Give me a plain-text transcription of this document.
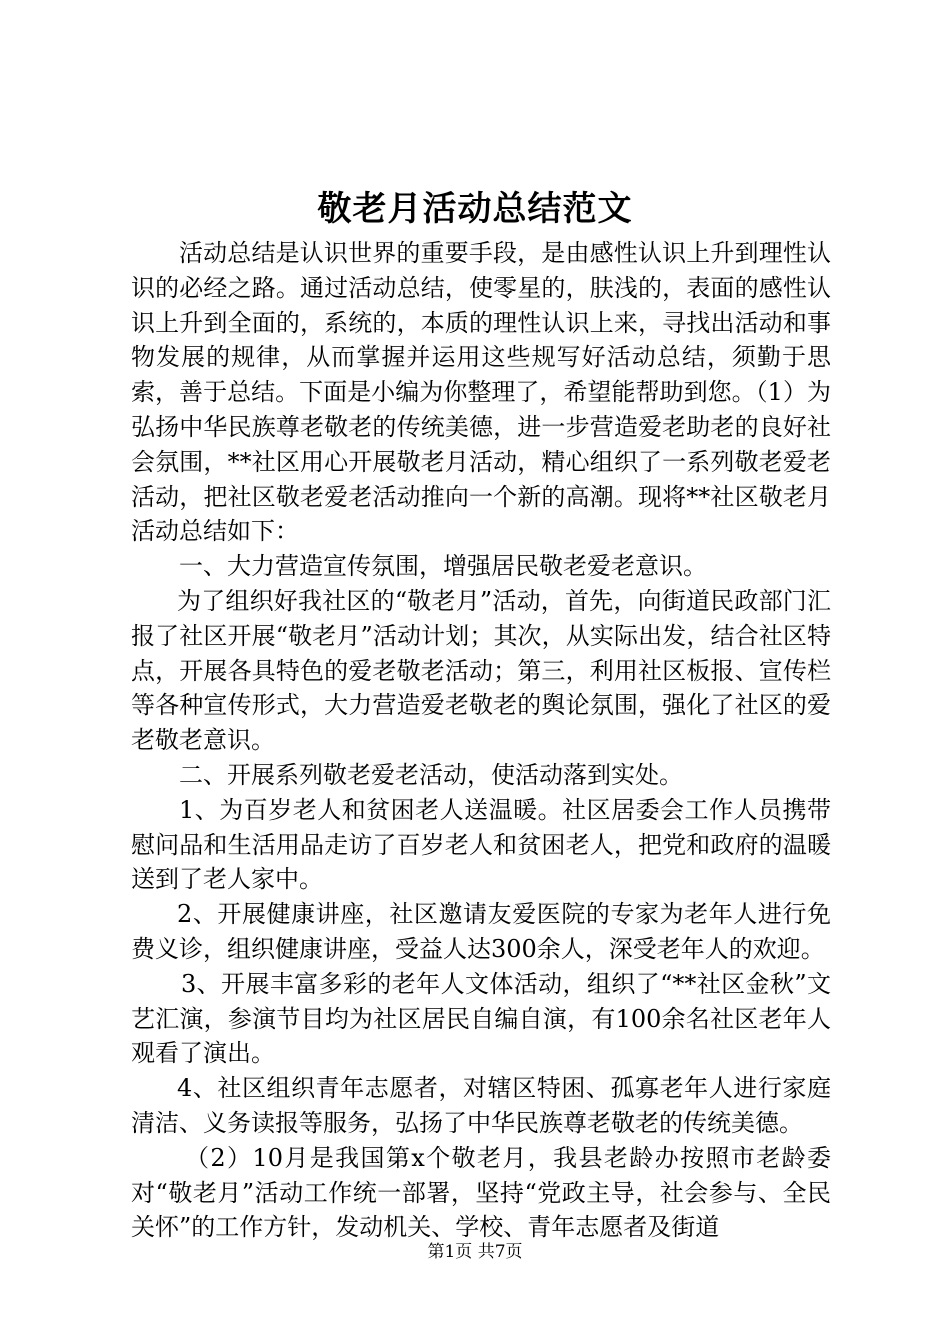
敬老月活动总结范文

活动总结是认识世界的重要手段，是由感性认识上升到理性认识的必经之路。通过活动总结，使零星的，肤浅的，表面的感性认识上升到全面的，系统的，本质的理性认识上来，寻找出活动和事物发展的规律，从而掌握并运用这些规写好活动总结，须勤于思索，善于总结。下面是小编为你整理了，希望能帮助到您。（1）为弘扬中华民族尊老敬老的传统美德，进一步营造爱老助老的良好社会氛围，**社区用心开展敬老月活动，精心组织了一系列敬老爱老活动，把社区敬老爱老活动推向一个新的高潮。现将**社区敬老月活动总结如下：

一、大力营造宣传氛围，增强居民敬老爱老意识。

为了组织好我社区的“敬老月”活动，首先，向街道民政部门汇报了社区开展“敬老月”活动计划；其次，从实际出发，结合社区特点，开展各具特色的爱老敬老活动；第三，利用社区板报、宣传栏等各种宣传形式，大力营造爱老敬老的舆论氛围，强化了社区的爱老敬老意识。

二、开展系列敬老爱老活动，使活动落到实处。

1、为百岁老人和贫困老人送温暖。社区居委会工作人员携带慰问品和生活用品走访了百岁老人和贫困老人，把党和政府的温暖送到了老人家中。

2、开展健康讲座，社区邀请友爱医院的专家为老年人进行免费义诊，组织健康讲座，受益人达300余人，深受老年人的欢迎。

3、开展丰富多彩的老年人文体活动，组织了“**社区金秋”文艺汇演，参演节目均为社区居民自编自演，有100余名社区老年人观看了演出。

4、社区组织青年志愿者，对辖区特困、孤寡老年人进行家庭清洁、义务读报等服务，弘扬了中华民族尊老敬老的传统美德。

（2）10月是我国第x个敬老月，我县老龄办按照市老龄委对“敬老月”活动工作统一部署，坚持“党政主导，社会参与、全民关怀”的工作方针，发动机关、学校、青年志愿者及街道

第1页 共7页
